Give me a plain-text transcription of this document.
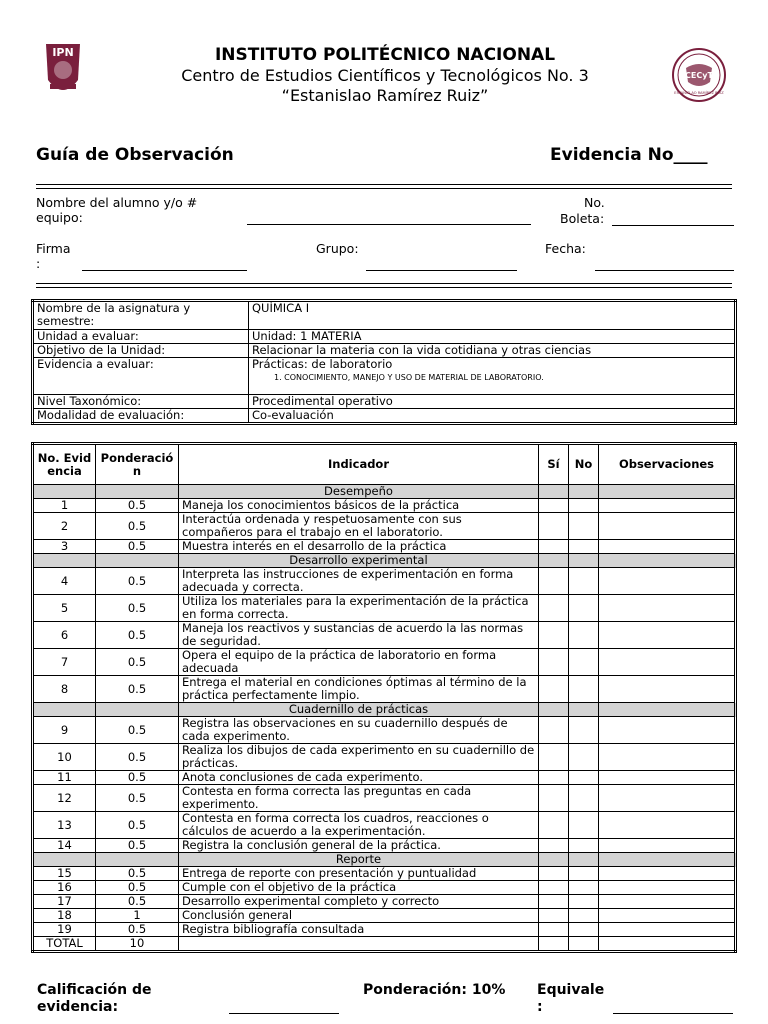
IPN
CECyT
ESTANISLAO RAMÍREZ RUIZ
INSTITUTO POLITÉCNICO NACIONAL
Centro de Estudios Científicos y Tecnológicos No. 3
“Estanislao Ramírez Ruiz”
Guía de Observación	Evidencia No____
Nombre del alumno y/o # equipo:
No.
Boleta:
Firma :
Grupo:	Fecha:
Nombre de la asignatura y semestre:	QUÍMICA I
Unidad a evaluar:	Unidad: 1 MATERIA
Objetivo de la Unidad:	Relacionar la materia con la vida cotidiana y otras ciencias
Evidencia a evaluar:	Prácticas: de laboratorio
1. CONOCIMIENTO, MANEJO Y USO DE MATERIAL DE LABORATORIO.

Nivel Taxonómico:	Procedimental operativo
Modalidad de evaluación:	Co-evaluación
No. Evidencia	Ponderación	Indicador	Sí	No	Observaciones
		Desempeño			
1	0.5	Maneja los conocimientos básicos de la práctica			
2	0.5	Interactúa ordenada y respetuosamente con sus compañeros para el trabajo en el laboratorio.			
3	0.5	Muestra interés en el desarrollo de la práctica			
		Desarrollo experimental			
4	0.5	Interpreta las instrucciones de experimentación en forma adecuada y correcta.			
5	0.5	Utiliza los materiales para la experimentación de la práctica en forma correcta.			
6	0.5	Maneja los reactivos y sustancias de acuerdo la las normas de seguridad.			
7	0.5	Opera el equipo de la práctica de laboratorio en forma adecuada			
8	0.5	Entrega el material en condiciones óptimas al término de la práctica perfectamente limpio.			
		Cuadernillo de prácticas			
9	0.5	Registra las observaciones en su cuadernillo después de cada experimento.			
10	0.5	Realiza los dibujos de cada experimento en su cuadernillo de prácticas.			
11	0.5	Anota conclusiones de cada experimento.			
12	0.5	Contesta en forma correcta las preguntas en cada experimento.			
13	0.5	Contesta en forma correcta los cuadros, reacciones o cálculos de acuerdo a la experimentación.			
14	0.5	Registra la conclusión general de la práctica.			
		Reporte			
15	0.5	Entrega de reporte con presentación y puntualidad			
16	0.5	Cumple con el objetivo de la práctica			
17	0.5	Desarrollo experimental completo y correcto			
18	1	Conclusión general			
19	0.5	Registra bibliografía consultada			
TOTAL	10				
Calificación de evidencia:
Ponderación: 10% Equivale :
